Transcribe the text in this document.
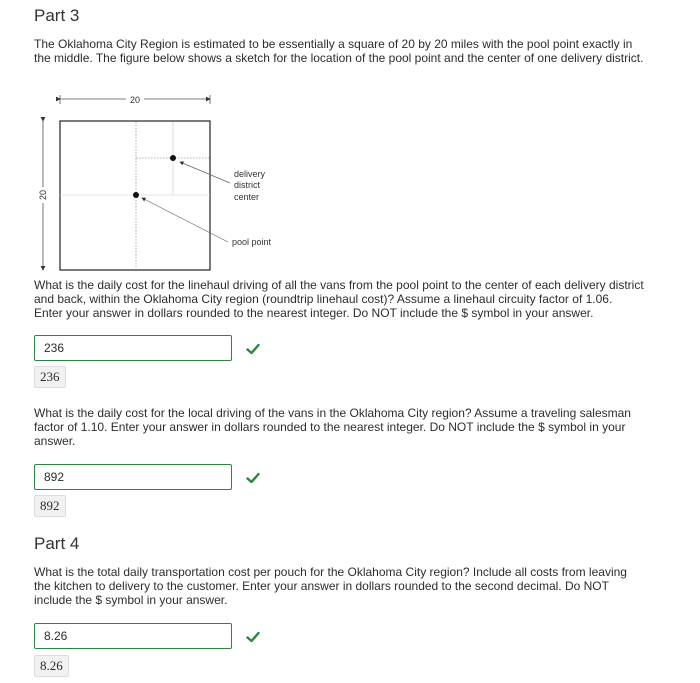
Part 3
The Oklahoma City Region is estimated to be essentially a square of 20 by 20 miles with the pool point exactly in the middle. The figure below shows a sketch for the location of the pool point and the center of one delivery district.
20
20
delivery
district
center
pool point
What is the daily cost for the linehaul driving of all the vans from the pool point to the center of each delivery district and back, within the Oklahoma City region (roundtrip linehaul cost)? Assume a linehaul circuity factor of 1.06. Enter your answer in dollars rounded to the nearest integer. Do NOT include the $ symbol in your answer.
236
236
What is the daily cost for the local driving of the vans in the Oklahoma City region? Assume a traveling salesman factor of 1.10. Enter your answer in dollars rounded to the nearest integer. Do NOT include the $ symbol in your answer.
892
892
Part 4
What is the total daily transportation cost per pouch for the Oklahoma City region? Include all costs from leaving the kitchen to delivery to the customer. Enter your answer in dollars rounded to the second decimal. Do NOT include the $ symbol in your answer.
8.26
8.26
